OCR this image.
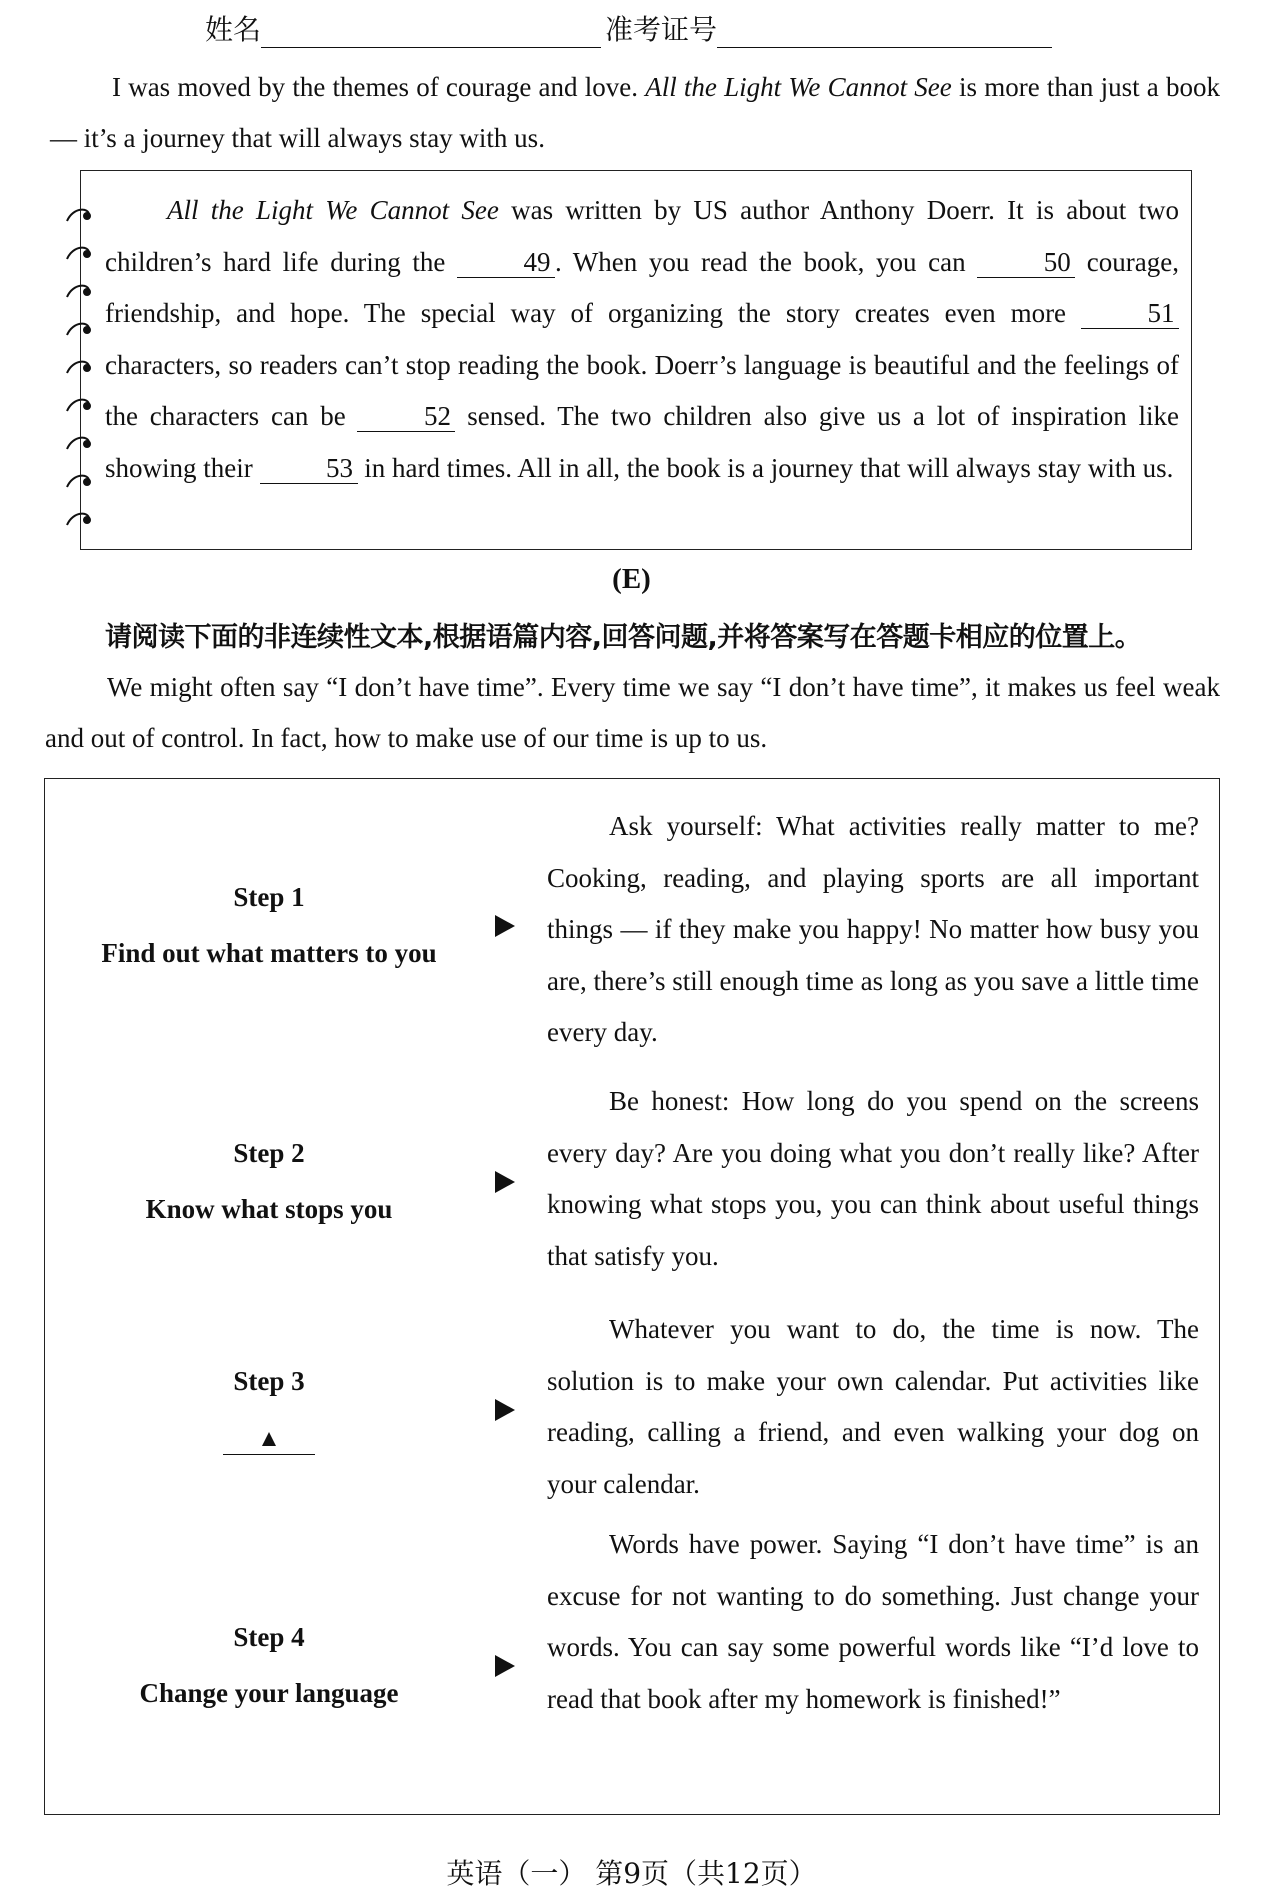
姓名	准考证号

I was moved by the themes of courage and love. All the Light We Cannot See is more than just a book — it’s a journey that will always stay with us.

All the Light We Cannot See was written by US author Anthony Doerr. It is about two children’s hard life during the 49 . When you read the book, you can 50 courage, friendship, and hope. The special way of organizing the story creates even more 51 characters, so readers can’t stop reading the book. Doerr’s language is beautiful and the feelings of the characters can be 52 sensed. The two children also give us a lot of inspiration like showing their 53 in hard times. All in all, the book is a journey that will always stay with us.

(E)
请阅读下面的非连续性文本,根据语篇内容,回答问题,并将答案写在答题卡相应的位置上。

We might often say “I don’t have time”. Every time we say “I don’t have time”, it makes us feel weak and out of control. In fact, how to make use of our time is up to us.

Step 1
Find out what matters to you

Ask yourself: What activities really matter to me? Cooking, reading, and playing sports are all important things — if they make you happy! No matter how busy you are, there’s still enough time as long as you save a little time every day.

Step 2
Know what stops you

Be honest: How long do you spend on the screens every day? Are you doing what you don’t really like? After knowing what stops you, you can think about useful things that satisfy you.

Step 3
▲

Whatever you want to do, the time is now. The solution is to make your own calendar. Put activities like reading, calling a friend, and even walking your dog on your calendar.

Step 4
Change your language

Words have power. Saying “I don’t have time” is an excuse for not wanting to do something. Just change your words. You can say some powerful words like “I’d love to read that book after my homework is finished!”

英语（一） 第9页（共12页）
